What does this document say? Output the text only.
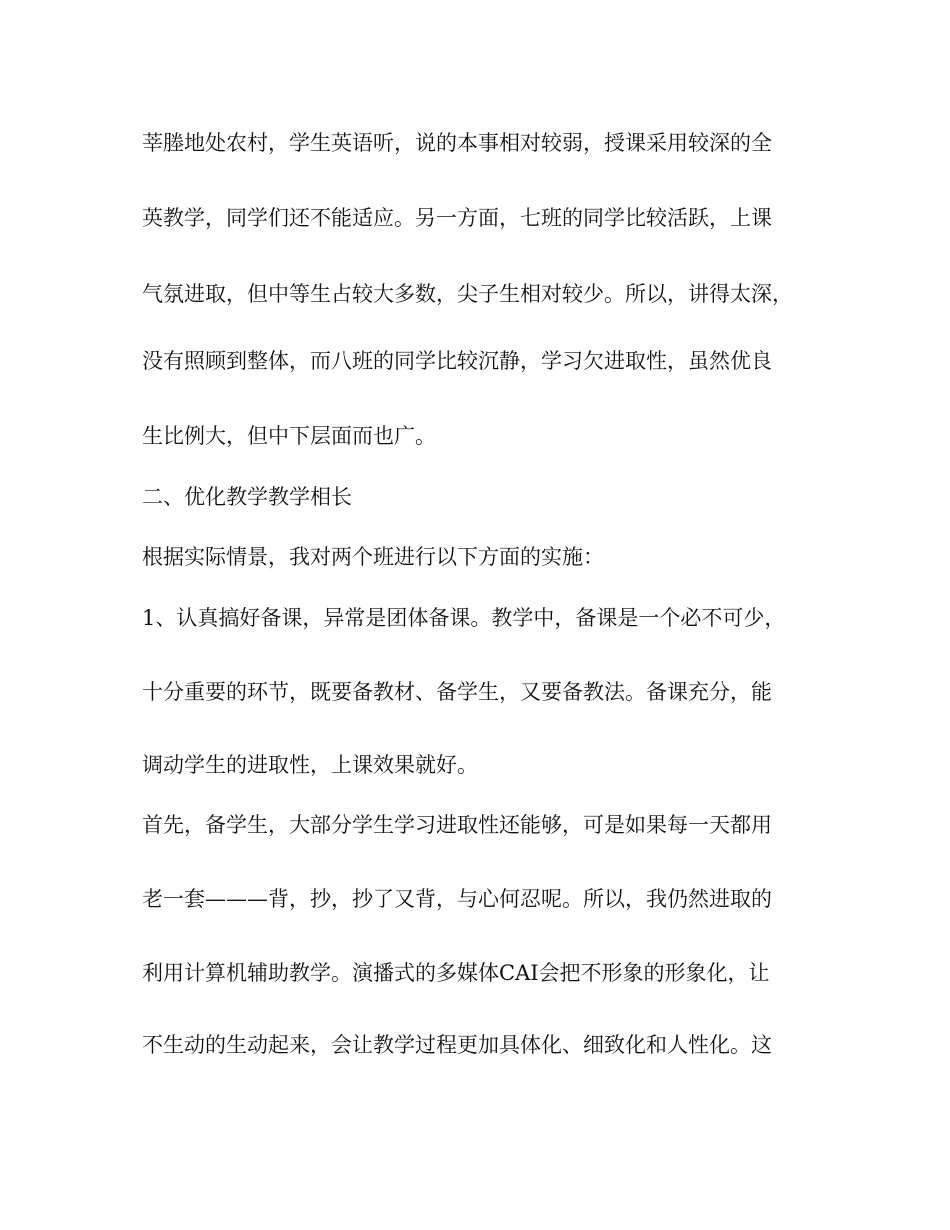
莘塍地处农村，学生英语听，说的本事相对较弱，授课采用较深的全

英教学，同学们还不能适应。另一方面，七班的同学比较活跃，上课

气氛进取，但中等生占较大多数，尖子生相对较少。所以，讲得太深，

没有照顾到整体，而八班的同学比较沉静，学习欠进取性，虽然优良

生比例大，但中下层面而也广。

二、优化教学教学相长

根据实际情景，我对两个班进行以下方面的实施：

1、认真搞好备课，异常是团体备课。教学中，备课是一个必不可少，

十分重要的环节，既要备教材、备学生，又要备教法。备课充分，能

调动学生的进取性，上课效果就好。

首先，备学生，大部分学生学习进取性还能够，可是如果每一天都用

老一套———背，抄，抄了又背，与心何忍呢。所以，我仍然进取的

利用计算机辅助教学。演播式的多媒体CAI会把不形象的形象化，让

不生动的生动起来，会让教学过程更加具体化、细致化和人性化。这
